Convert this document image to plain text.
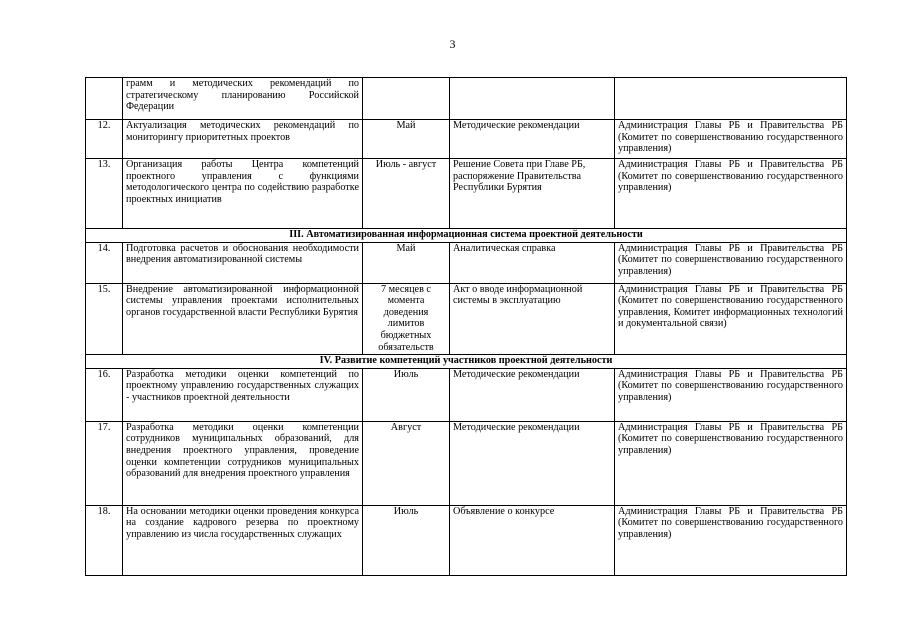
3
	грамм и методических рекомендаций по стратегическому планированию Российской Федерации			
12.	Актуализация методических рекомендаций по мониторингу приоритетных проектов	Май	Методические рекомендации	Администрация Главы РБ и Правительства РБ (Комитет по совершенствованию государственного управления)
13.	Организация работы Центра компетенций проектного управления с функциями методологического центра по содействию разработке проектных инициатив	Июль - август	Решение Совета при Главе РБ, распоряжение Правительства Республики Бурятия	Администрация Главы РБ и Правительства РБ (Комитет по совершенствованию государственного управления)
III. Автоматизированная информационная система проектной деятельности				
14.	Подготовка расчетов и обоснования необходимости внедрения автоматизированной системы	Май	Аналитическая справка	Администрация Главы РБ и Правительства РБ (Комитет по совершенствованию государственного управления)
15.	Внедрение автоматизированной информационной системы управления проектами исполнительных органов государственной власти Республики Бурятия	7 месяцев с момента доведения лимитов бюджетных обязательств	Акт о вводе информационной системы в эксплуатацию	Администрация Главы РБ и Правительства РБ (Комитет по совершенствованию государственного управления, Комитет информационных технологий и документальной связи)
IV. Развитие компетенций участников проектной деятельности				
16.	Разработка методики оценки компетенций по проектному управлению государственных служащих - участников проектной деятельности	Июль	Методические рекомендации	Администрация Главы РБ и Правительства РБ (Комитет по совершенствованию государственного управления)
17.	Разработка методики оценки компетенции сотрудников муниципальных образований, для внедрения проектного управления, проведение оценки компетенции сотрудников муниципальных образований для внедрения проектного управления	Август	Методические рекомендации	Администрация Главы РБ и Правительства РБ (Комитет по совершенствованию государственного управления)
18.	На основании методики оценки проведения конкурса на создание кадрового резерва по проектному управлению из числа государственных служащих	Июль	Объявление о конкурсе	Администрация Главы РБ и Правительства РБ (Комитет по совершенствованию государственного управления)
